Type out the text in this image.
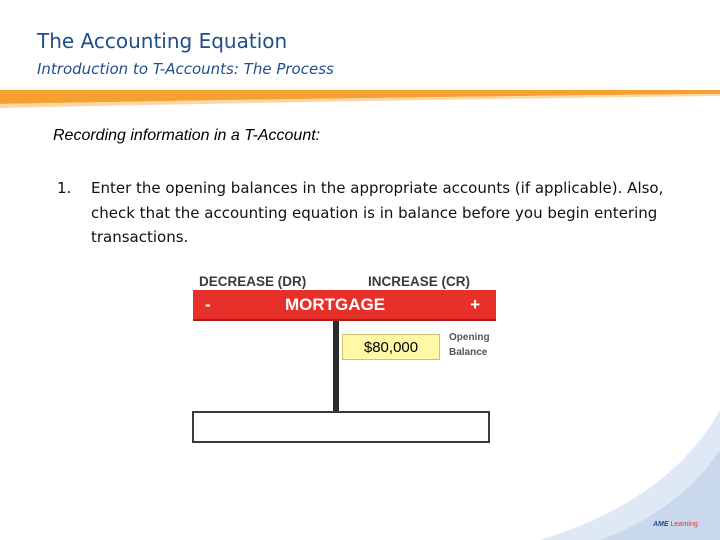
The Accounting Equation
Introduction to T-Accounts: The Process
Recording information in a T-Account:
1. Enter the opening balances in the appropriate accounts (if applicable). Also, check that the accounting equation is in balance before you begin entering transactions.
DECREASE (DR)	INCREASE (CR)
-	MORTGAGE	+
$80,000
Opening
Balance
AME Learning
